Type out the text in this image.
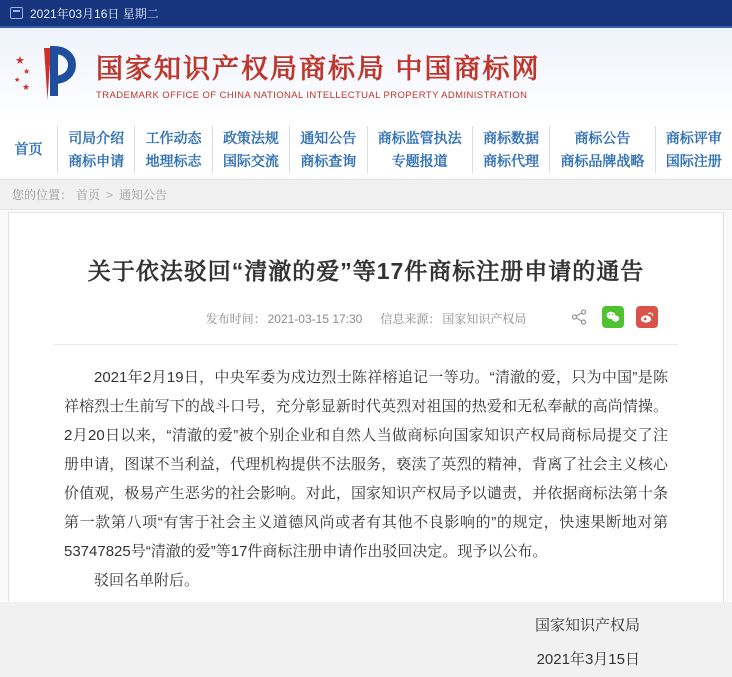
2021年03月16日 星期二
★
★
★
★
国家知识产权局商标局 中国商标网
TRADEMARK OFFICE OF CHINA NATIONAL INTELLECTUAL PROPERTY ADMINISTRATION
首页
司局介绍
商标申请
工作动态
地理标志
政策法规
国际交流
通知公告
商标查询
商标监管执法
专题报道
商标数据
商标代理
商标公告
商标品牌战略
商标评审
国际注册
您的位置： 首页 > 通知公告
关于依法驳回“清澈的爱”等17件商标注册申请的通告
发布时间： 2021-03-15 17:30 信息来源： 国家知识产权局

2021年2月19日，中央军委为戍边烈士陈祥榕追记一等功。“清澈的爱，只为中国”是陈祥榕烈士生前写下的战斗口号，充分彰显新时代英烈对祖国的热爱和无私奉献的高尚情操。2月20日以来，“清澈的爱”被个别企业和自然人当做商标向国家知识产权局商标局提交了注册申请，图谋不当利益，代理机构提供不法服务，亵渎了英烈的精神，背离了社会主义核心价值观，极易产生恶劣的社会影响。对此，国家知识产权局予以谴责，并依据商标法第十条第一款第八项“有害于社会主义道德风尚或者有其他不良影响的”的规定，快速果断地对第53747825号“清澈的爱”等17件商标注册申请作出驳回决定。现予以公布。

驳回名单附后。

国家知识产权局
2021年3月15日
